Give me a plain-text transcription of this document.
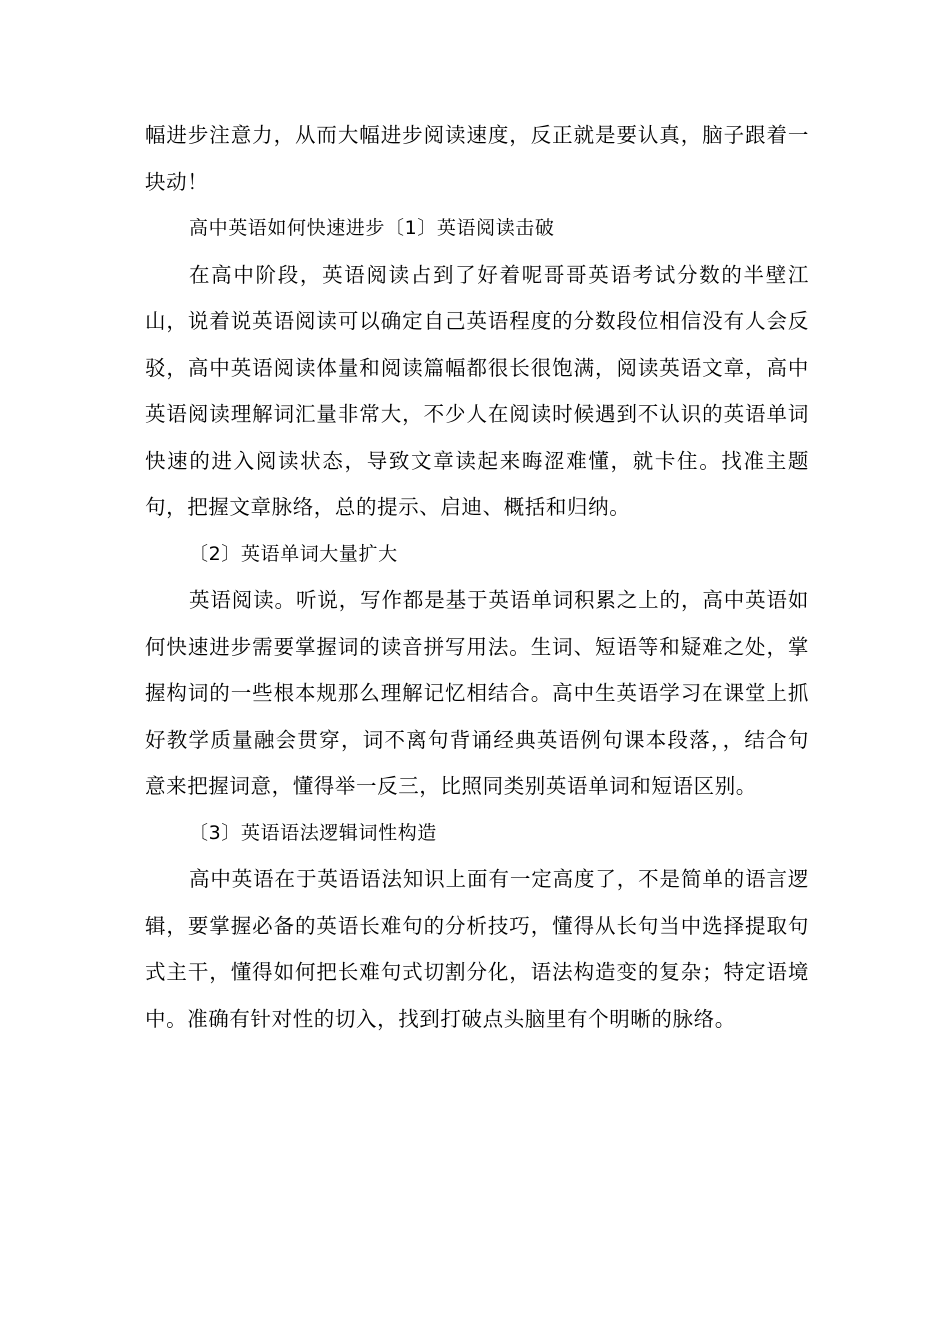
幅进步注意力，从而大幅进步阅读速度，反正就是要认真，脑子跟着一块动！

高中英语如何快速进步〔1〕英语阅读击破

在高中阶段，英语阅读占到了好着呢哥哥英语考试分数的半壁江山，说着说英语阅读可以确定自己英语程度的分数段位相信没有人会反驳，高中英语阅读体量和阅读篇幅都很长很饱满，阅读英语文章，高中英语阅读理解词汇量非常大，不少人在阅读时候遇到不认识的英语单词快速的进入阅读状态，导致文章读起来晦涩难懂，就卡住。找准主题句，把握文章脉络，总的提示、启迪、概括和归纳。

〔2〕英语单词大量扩大

英语阅读。听说，写作都是基于英语单词积累之上的，高中英语如何快速进步需要掌握词的读音拼写用法。生词、短语等和疑难之处，掌握构词的一些根本规那么理解记忆相结合。高中生英语学习在课堂上抓好教学质量融会贯穿，词不离句背诵经典英语例句课本段落，，结合句意来把握词意，懂得举一反三，比照同类别英语单词和短语区别。

〔3〕英语语法逻辑词性构造

高中英语在于英语语法知识上面有一定高度了，不是简单的语言逻辑，要掌握必备的英语长难句的分析技巧，懂得从长句当中选择提取句式主干，懂得如何把长难句式切割分化，语法构造变的复杂；特定语境中。准确有针对性的切入，找到打破点头脑里有个明晰的脉络。
